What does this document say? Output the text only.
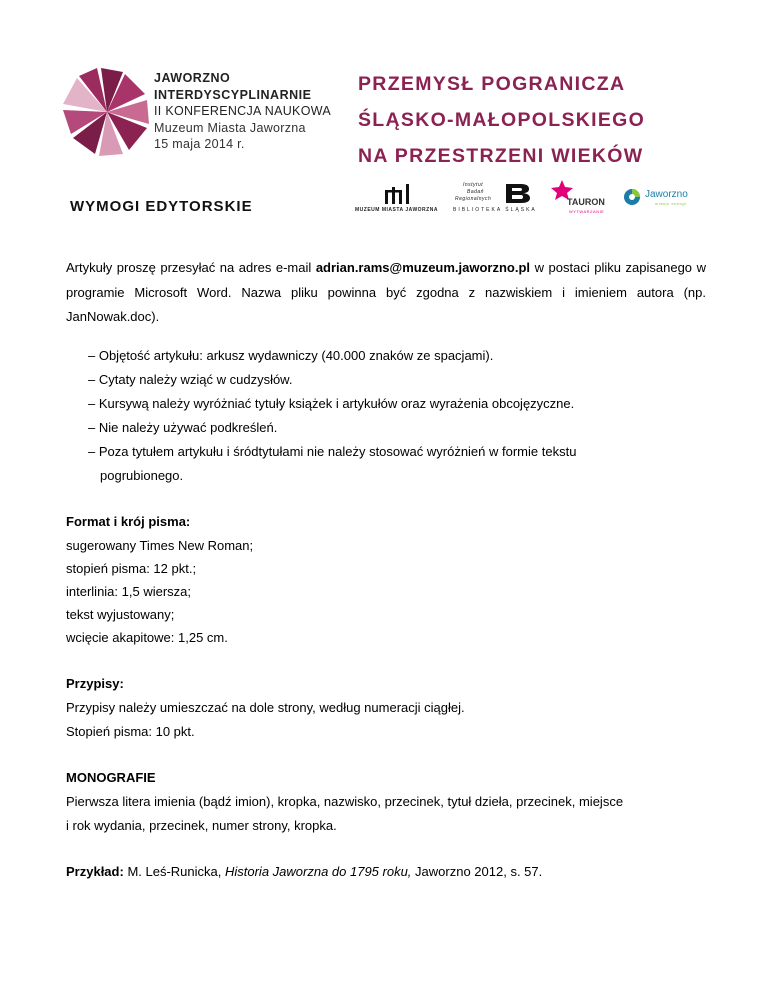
JAWORZNO
INTERDYSCYPLINARNIE
II KONFERENCJA NAUKOWA
Muzeum Miasta Jaworzna
15 maja 2014 r.
PRZEMYSŁ POGRANICZA
ŚLĄSKO-MAŁOPOLSKIEGO
NA PRZESTRZENI WIEKÓW
WYMOGI EDYTORSKIE	MUZEUM MIASTA JAWORZNA
Instytut
Badań
Regionalnych
BIBLIOTEKA ŚLĄSKA
TAURON
WYTWARZANIE
Jaworzno
miasto energii

Artykuły proszę przesyłać na adres e-mail adrian.rams@muzeum.jaworzno.pl w postaci pliku zapisanego w programie Microsoft Word. Nazwa pliku powinna być zgodna z nazwiskiem i imieniem autora (np. JanNowak.doc).

– Objętość artykułu: arkusz wydawniczy (40.000 znaków ze spacjami).

– Cytaty należy wziąć w cudzysłów.

– Kursywą należy wyróżniać tytuły książek i artykułów oraz wyrażenia obcojęzyczne.

– Nie należy używać podkreśleń.

– Poza tytułem artykułu i śródtytułami nie należy stosować wyróżnień w formie tekstu

pogrubionego.

Format i krój pisma:

sugerowany Times New Roman;

stopień pisma: 12 pkt.;

interlinia: 1,5 wiersza;

tekst wyjustowany;

wcięcie akapitowe: 1,25 cm.

Przypisy:

Przypisy należy umieszczać na dole strony, według numeracji ciągłej.

Stopień pisma: 10 pkt.

MONOGRAFIE

Pierwsza litera imienia (bądź imion), kropka, nazwisko, przecinek, tytuł dzieła, przecinek, miejsce

i rok wydania, przecinek, numer strony, kropka.

Przykład: M. Leś-Runicka, Historia Jaworzna do 1795 roku, Jaworzno 2012, s. 57.
